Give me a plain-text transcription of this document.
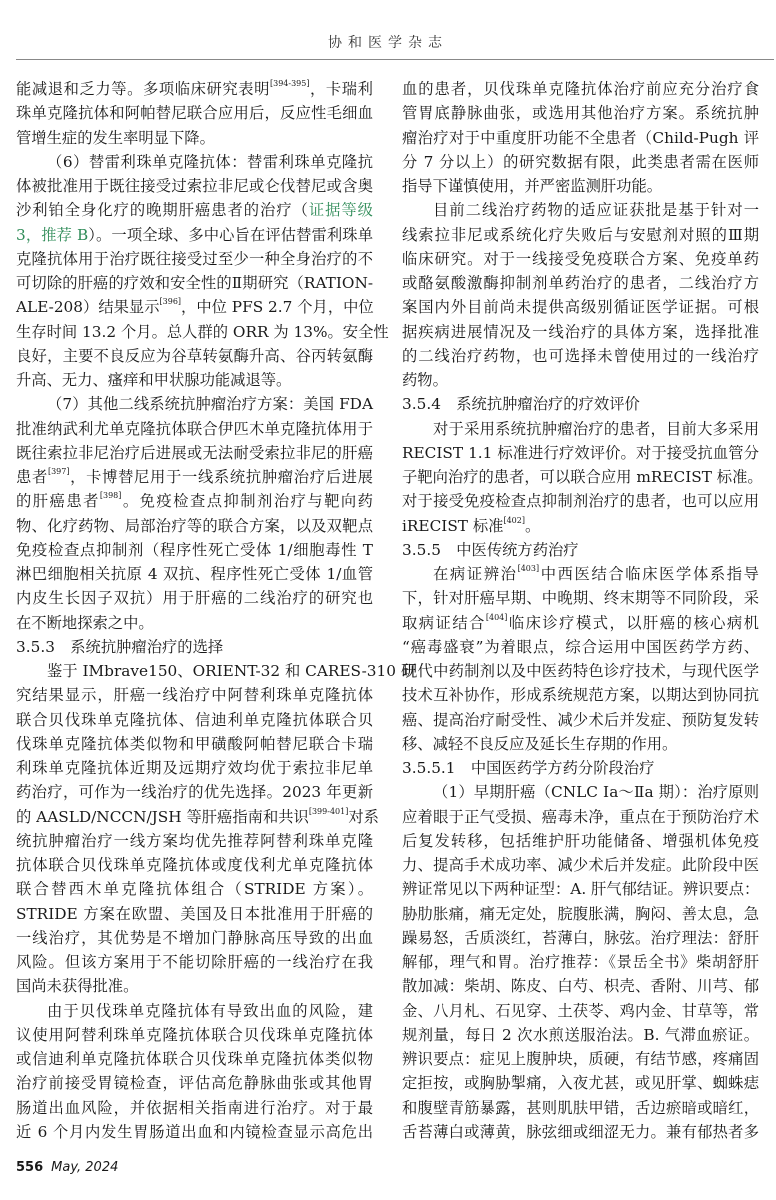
协和医学杂志
能减退和乏力等。多项临床研究表明[394-395]，卡瑞利
珠单克隆抗体和阿帕替尼联合应用后，反应性毛细血
管增生症的发生率明显下降。
（6）替雷利珠单克隆抗体：替雷利珠单克隆抗
体被批准用于既往接受过索拉非尼或仑伐替尼或含奥
沙利铂全身化疗的晚期肝癌患者的治疗（证据等级
3，推荐 B）。一项全球、多中心旨在评估替雷利珠单
克隆抗体用于治疗既往接受过至少一种全身治疗的不
可切除的肝癌的疗效和安全性的Ⅱ期研究（RATION-
ALE-208）结果显示[396]，中位 PFS 2.7 个月，中位
生存时间 13.2 个月。总人群的 ORR 为 13%。安全性
良好，主要不良反应为谷草转氨酶升高、谷丙转氨酶
升高、无力、瘙痒和甲状腺功能减退等。
（7）其他二线系统抗肿瘤治疗方案：美国 FDA
批准纳武利尤单克隆抗体联合伊匹木单克隆抗体用于
既往索拉非尼治疗后进展或无法耐受索拉非尼的肝癌
患者[397]，卡博替尼用于一线系统抗肿瘤治疗后进展
的肝癌患者[398]。免疫检查点抑制剂治疗与靶向药
物、化疗药物、局部治疗等的联合方案，以及双靶点
免疫检查点抑制剂（程序性死亡受体 1/细胞毒性 T
淋巴细胞相关抗原 4 双抗、程序性死亡受体 1/血管
内皮生长因子双抗）用于肝癌的二线治疗的研究也
在不断地探索之中。
3.5.3　系统抗肿瘤治疗的选择
鉴于 IMbrave150、ORIENT-32 和 CARES-310 研
究结果显示，肝癌一线治疗中阿替利珠单克隆抗体
联合贝伐珠单克隆抗体、信迪利单克隆抗体联合贝
伐珠单克隆抗体类似物和甲磺酸阿帕替尼联合卡瑞
利珠单克隆抗体近期及远期疗效均优于索拉非尼单
药治疗，可作为一线治疗的优先选择。2023 年更新
的 AASLD/NCCN/JSH 等肝癌指南和共识[399-401]对系
统抗肿瘤治疗一线方案均优先推荐阿替利珠单克隆
抗体联合贝伐珠单克隆抗体或度伐利尤单克隆抗体
联合替西木单克隆抗体组合（STRIDE 方案）。
STRIDE 方案在欧盟、美国及日本批准用于肝癌的
一线治疗，其优势是不增加门静脉高压导致的出血
风险。但该方案用于不能切除肝癌的一线治疗在我
国尚未获得批准。
由于贝伐珠单克隆抗体有导致出血的风险，建
议使用阿替利珠单克隆抗体联合贝伐珠单克隆抗体
或信迪利单克隆抗体联合贝伐珠单克隆抗体类似物
治疗前接受胃镜检查，评估高危静脉曲张或其他胃
肠道出血风险，并依据相关指南进行治疗。对于最
近 6 个月内发生胃肠道出血和内镜检查显示高危出
血的患者，贝伐珠单克隆抗体治疗前应充分治疗食
管胃底静脉曲张，或选用其他治疗方案。系统抗肿
瘤治疗对于中重度肝功能不全患者（Child-Pugh 评
分 7 分以上）的研究数据有限，此类患者需在医师
指导下谨慎使用，并严密监测肝功能。
目前二线治疗药物的适应证获批是基于针对一
线索拉非尼或系统化疗失败后与安慰剂对照的Ⅲ期
临床研究。对于一线接受免疫联合方案、免疫单药
或酪氨酸激酶抑制剂单药治疗的患者，二线治疗方
案国内外目前尚未提供高级别循证医学证据。可根
据疾病进展情况及一线治疗的具体方案，选择批准
的二线治疗药物，也可选择未曾使用过的一线治疗
药物。
3.5.4　系统抗肿瘤治疗的疗效评价
对于采用系统抗肿瘤治疗的患者，目前大多采用
RECIST 1.1 标准进行疗效评价。对于接受抗血管分
子靶向治疗的患者，可以联合应用 mRECIST 标准。
对于接受免疫检查点抑制剂治疗的患者，也可以应用
iRECIST 标准[402]。
3.5.5　中医传统方药治疗
在病证辨治[403]中西医结合临床医学体系指导
下，针对肝癌早期、中晚期、终末期等不同阶段，采
取病证结合[404]临床诊疗模式，以肝癌的核心病机
“癌毒盛衰”为着眼点，综合运用中国医药学方药、
现代中药制剂以及中医药特色诊疗技术，与现代医学
技术互补协作，形成系统规范方案，以期达到协同抗
癌、提高治疗耐受性、减少术后并发症、预防复发转
移、减轻不良反应及延长生存期的作用。
3.5.5.1　中国医药学方药分阶段治疗
（1）早期肝癌（CNLC Ⅰa～Ⅱa 期）：治疗原则
应着眼于正气受损、癌毒未净，重点在于预防治疗术
后复发转移，包括维护肝功能储备、增强机体免疫
力、提高手术成功率、减少术后并发症。此阶段中医
辨证常见以下两种证型：A. 肝气郁结证。辨识要点：
胁肋胀痛，痛无定处，脘腹胀满，胸闷、善太息，急
躁易怒，舌质淡红，苔薄白，脉弦。治疗理法：舒肝
解郁，理气和胃。治疗推荐：《景岳全书》柴胡舒肝
散加减：柴胡、陈皮、白芍、枳壳、香附、川芎、郁
金、八月札、石见穿、土茯苓、鸡内金、甘草等，常
规剂量，每日 2 次水煎送服治法。B. 气滞血瘀证。
辨识要点：症见上腹肿块，质硬，有结节感，疼痛固
定拒按，或胸胁掣痛，入夜尤甚，或见肝掌、蜘蛛痣
和腹壁青筋暴露，甚则肌肤甲错，舌边瘀暗或暗红，
舌苔薄白或薄黄，脉弦细或细涩无力。兼有郁热者多
556 May, 2024
